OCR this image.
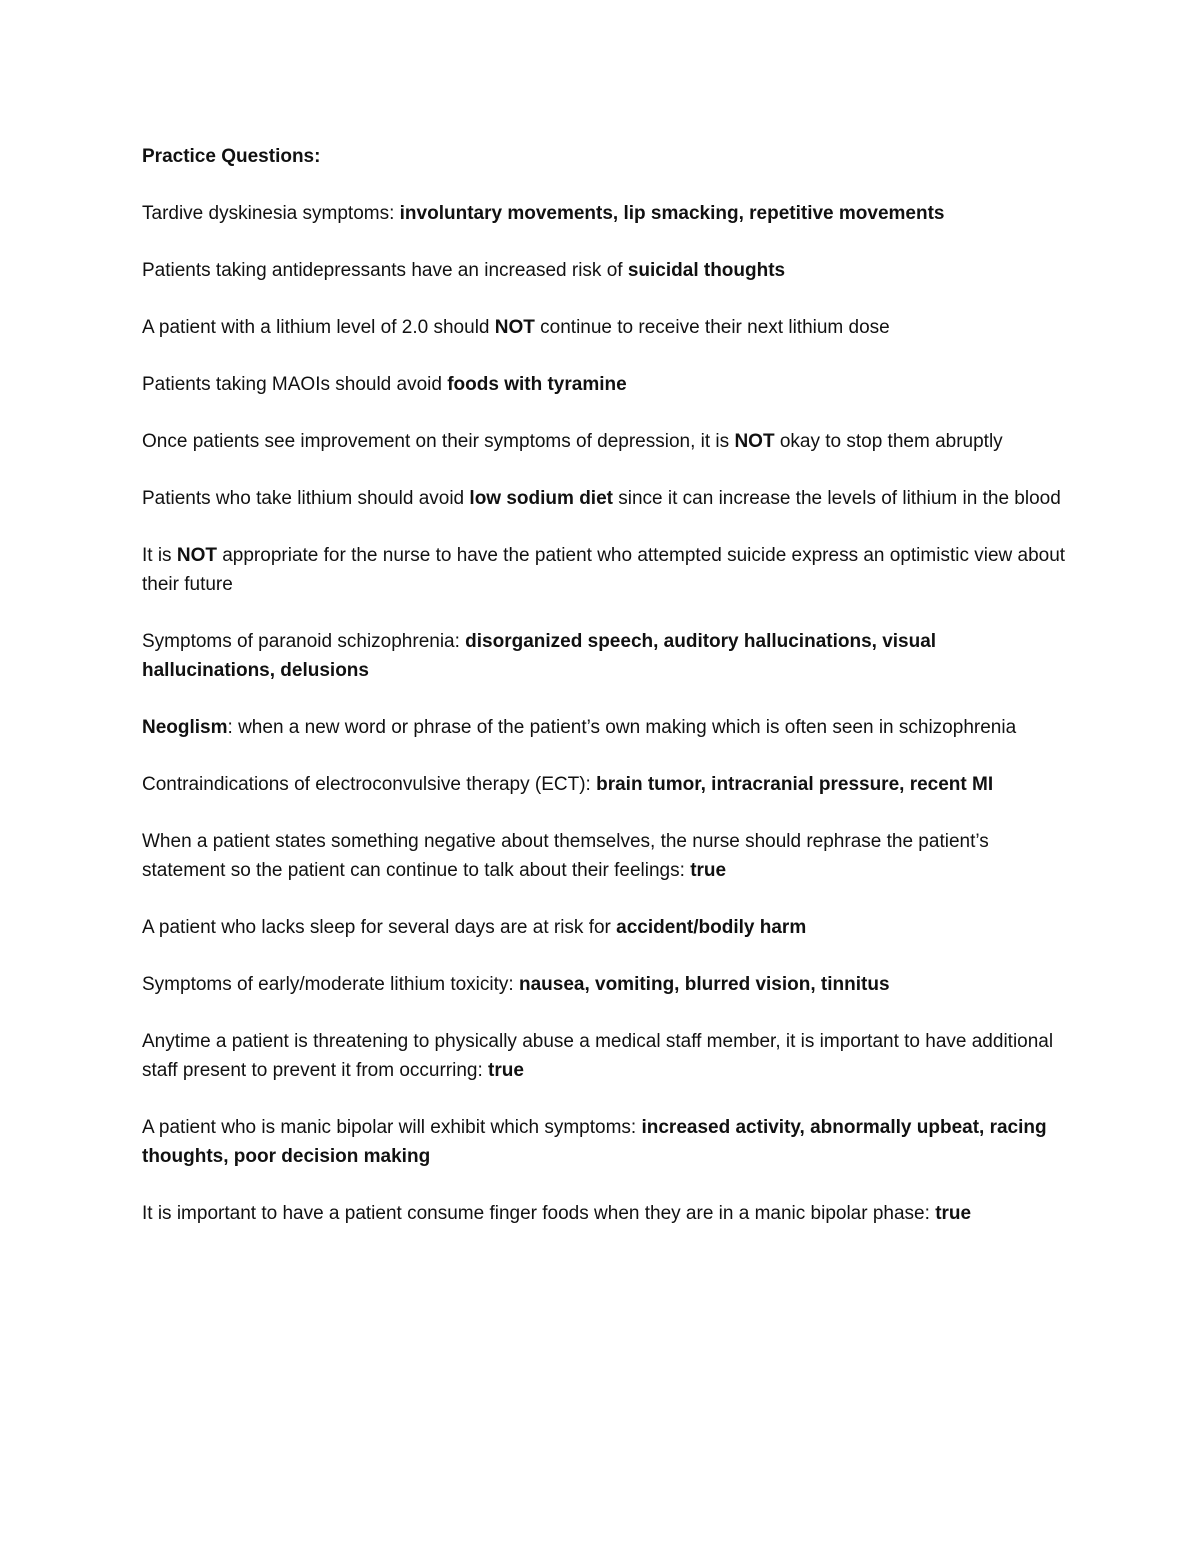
Practice Questions:
Tardive dyskinesia symptoms: involuntary movements, lip smacking, repetitive movements
Patients taking antidepressants have an increased risk of suicidal thoughts
A patient with a lithium level of 2.0 should NOT continue to receive their next lithium dose
Patients taking MAOIs should avoid foods with tyramine
Once patients see improvement on their symptoms of depression, it is NOT okay to stop them abruptly
Patients who take lithium should avoid low sodium diet since it can increase the levels of lithium in the blood
It is NOT appropriate for the nurse to have the patient who attempted suicide express an optimistic view about their future
Symptoms of paranoid schizophrenia: disorganized speech, auditory hallucinations, visual hallucinations, delusions
Neoglism: when a new word or phrase of the patient’s own making which is often seen in schizophrenia
Contraindications of electroconvulsive therapy (ECT): brain tumor, intracranial pressure, recent MI
When a patient states something negative about themselves, the nurse should rephrase the patient’s statement so the patient can continue to talk about their feelings: true
A patient who lacks sleep for several days are at risk for accident/bodily harm
Symptoms of early/moderate lithium toxicity: nausea, vomiting, blurred vision, tinnitus
Anytime a patient is threatening to physically abuse a medical staff member, it is important to have additional staff present to prevent it from occurring: true
A patient who is manic bipolar will exhibit which symptoms: increased activity, abnormally upbeat, racing thoughts, poor decision making
It is important to have a patient consume finger foods when they are in a manic bipolar phase: true
